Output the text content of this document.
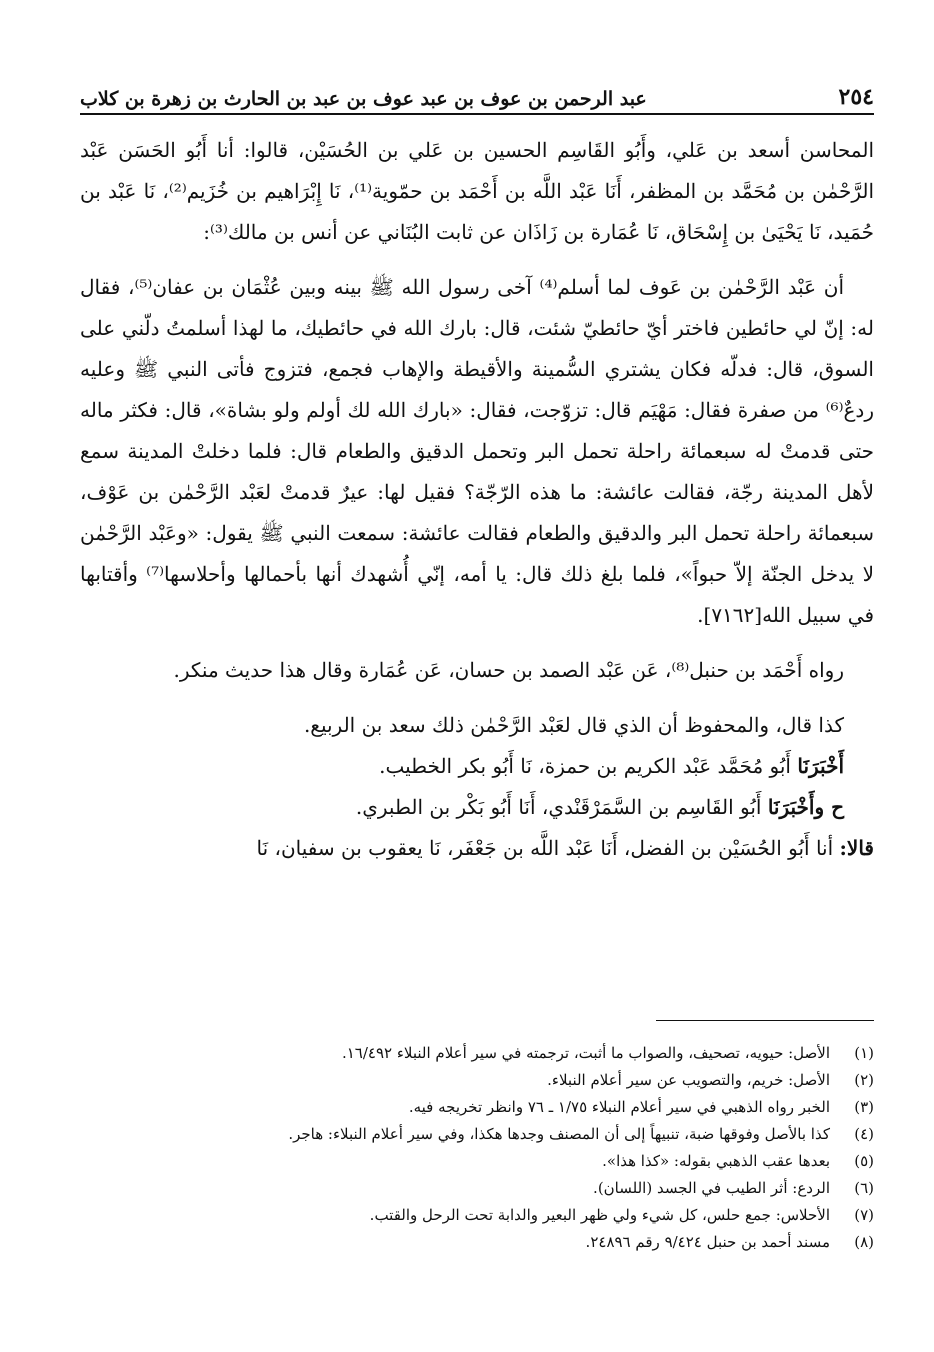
٢٥٤
عبد الرحمن بن عوف بن عبد عوف بن عبد بن الحارث بن زهرة بن كلاب

المحاسن أسعد بن عَلي، وأَبُو القَاسِم الحسين بن عَلي بن الحُسَيْن، قالوا: أنا أَبُو الحَسَن عَبْد الرَّحْمٰن بن مُحَمَّد بن المظفر، أَنَا عَبْد اللَّه بن أَحْمَد بن حمّوية⁽¹⁾، نَا إِبْرَاهيم بن خُزَيم⁽²⁾، نَا عَبْد بن حُمَيد، نَا يَحْيَىٰ بن إِسْحَاق، نَا عُمَارة بن زَاذَان عن ثابت البُنَاني عن أنس بن مالك⁽³⁾:

أن عَبْد الرَّحْمٰن بن عَوف لما أسلم⁽⁴⁾ آخى رسول الله ﷺ بينه وبين عُثْمَان بن عفان⁽⁵⁾، فقال له: إنّ لي حائطين فاختر أيّ حائطيّ شئت، قال: بارك الله في حائطيك، ما لهذا أسلمتُ دلّني على السوق، قال: فدلّه فكان يشتري السُّمينة والأقيطة والإهاب فجمع، فتزوج فأتى النبي ﷺ وعليه ردعٌ⁽⁶⁾ من صفرة فقال: مَهْيَم قال: تزوّجت، فقال: «بارك الله لك أولم ولو بشاة»، قال: فكثر ماله حتى قدمتْ له سبعمائة راحلة تحمل البر وتحمل الدقيق والطعام قال: فلما دخلتْ المدينة سمع لأهل المدينة رجّة، فقالت عائشة: ما هذه الرّجّة؟ فقيل لها: عيرٌ قدمتْ لعَبْد الرَّحْمٰن بن عَوْف، سبعمائة راحلة تحمل البر والدقيق والطعام فقالت عائشة: سمعت النبي ﷺ يقول: «وعَبْد الرَّحْمٰن لا يدخل الجنّة إلاّ حبواً»، فلما بلغ ذلك قال: يا أمه، إنّي أُشهدك أنها بأحمالها وأحلاسها⁽⁷⁾ وأقتابها في سبيل الله[٧١٦٢].

رواه أَحْمَد بن حنبل⁽⁸⁾، عَن عَبْد الصمد بن حسان، عَن عُمَارة وقال هذا حديث منكر.

كذا قال، والمحفوظ أن الذي قال لعَبْد الرَّحْمٰن ذلك سعد بن الربيع.

أَخْبَرَنَا أَبُو مُحَمَّد عَبْد الكريم بن حمزة، نَا أَبُو بكر الخطيب.

ح وأَخْبَرَنَا أَبُو القَاسِم بن السَّمَرْقَنْدي، أَنَا أَبُو بَكْر بن الطبري.

قالا: أنا أَبُو الحُسَيْن بن الفضل، أَنَا عَبْد اللَّه بن جَعْفَر، نَا يعقوب بن سفيان، نَا

(١)
الأصل: حيويه، تصحيف، والصواب ما أثبت، ترجمته في سير أعلام النبلاء ١٦/٤٩٢.
(٢)
الأصل: خريم، والتصويب عن سير أعلام النبلاء.
(٣)
الخبر رواه الذهبي في سير أعلام النبلاء ١/٧٥ ـ ٧٦ وانظر تخريجه فيه.
(٤)
كذا بالأصل وفوقها ضبة، تنبيهاً إلى أن المصنف وجدها هكذا، وفي سير أعلام النبلاء: هاجر.
(٥)
بعدها عقب الذهبي بقوله: «كذا هذا».
(٦)
الردع: أثر الطيب في الجسد (اللسان).
(٧)
الأحلاس: جمع حلس، كل شيء ولي ظهر البعير والدابة تحت الرحل والقتب.
(٨)
مسند أحمد بن حنبل ٩/٤٢٤ رقم ٢٤٨٩٦.
